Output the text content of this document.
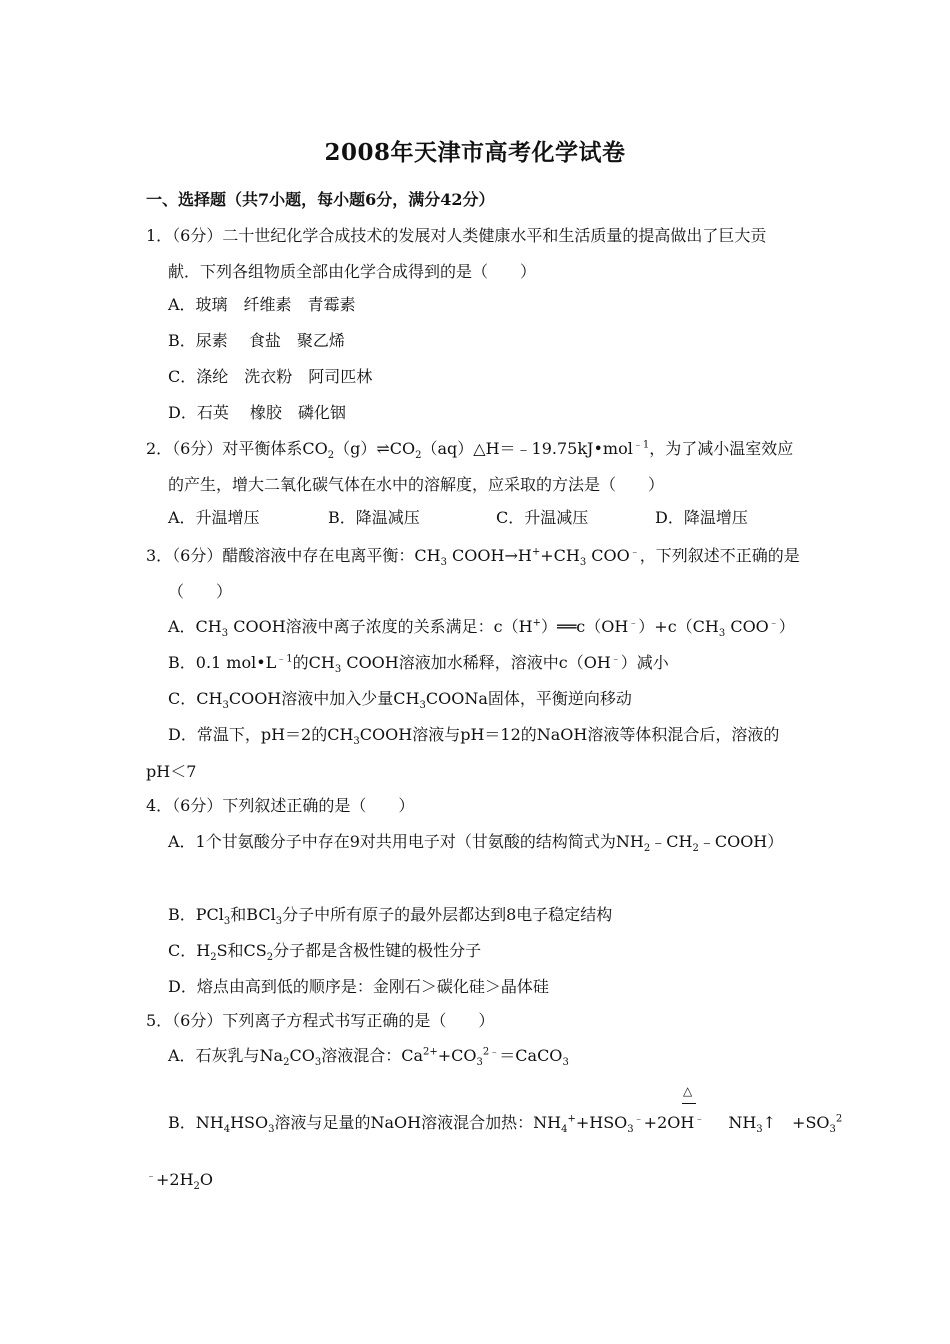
2008年天津市高考化学试卷
一、选择题（共7小题，每小题6分，满分42分）
1．（6分）二十世纪化学合成技术的发展对人类健康水平和生活质量的提高做出了巨大贡
献．下列各组物质全部由化学合成得到的是（　　）
A．玻璃　纤维素　青霉素
B．尿素　 食盐　聚乙烯
C．涤纶　洗衣粉　阿司匹林
D．石英　 橡胶　磷化铟
2．（6分）对平衡体系$CO_2(g)\rightleftharpoons CO_2(aq)\triangle H=﹣19.75kJ•mol^{﹣1}$，为了减小温室效应
的产生，增大二氧化碳气体在水中的溶解度，应采取的方法是（　　）
A．升温增压	B．降温减压	C．升温减压	D．降温增压
3．（6分）醋酸溶液中存在电离平衡：$CH_3$ $COOH\to H^++CH_3$ COO﹣，下列叙述不正确的是
（　　）
A．$CH_3$ COOH溶液中离子浓度的关系满足：$c(H^+)══c(OH^﹣)+c(CH_3$ COO﹣）
B．0.1 $mol•L^{﹣1}$的$CH_3$ COOH溶液加水稀释，溶液中c（OH﹣）减小
C．$CH_3COOH$溶液中加入少量$CH_3COONa$固体，平衡逆向移动
D．常温下，pH＝2的$CH_3COOH$溶液与pH＝12的NaOH溶液等体积混合后，溶液的
pH＜7
4．（6分）下列叙述正确的是（　　）
A．1个甘氨酸分子中存在9对共用电子对（甘氨酸的结构简式为$NH_2﹣CH_2﹣COOH$）
B．PCl$_3$和BCl$_3$分子中所有原子的最外层都达到8电子稳定结构
C．$H_2S$和$CS_2$分子都是含极性键的极性分子
D．熔点由高到低的顺序是：金刚石＞碳化硅＞晶体硅
5．（6分）下列离子方程式书写正确的是（　　）
A．石灰乳与$Na_2CO_3$溶液混合：$Ca^{2+}+CO_3^{2﹣}=CaCO_3$
△
B．$NH_4HSO_3$溶液与足量的NaOH溶液混合加热：$NH_4^++HSO_3^﹣+2OH^﹣$ $NH_3↑$　$+SO_3^2$
$^﹣+2H_2O$
